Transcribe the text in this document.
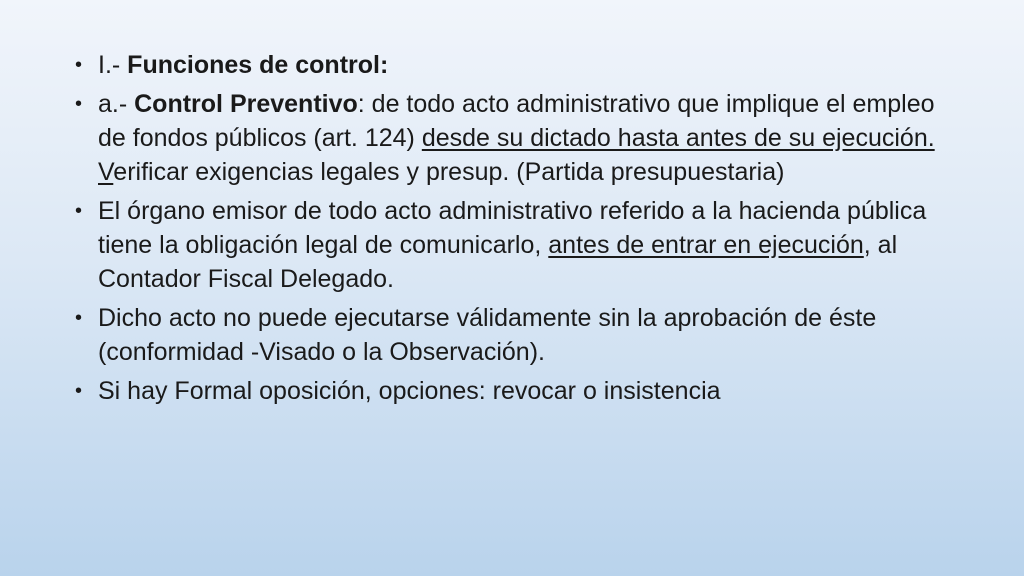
• I.- Funciones de control:
• a.- Control Preventivo: de todo acto administrativo que implique el empleo de fondos públicos (art. 124) desde su dictado hasta antes de su ejecución. Verificar exigencias legales y presup. (Partida presupuestaria)
• El órgano emisor de todo acto administrativo referido a la hacienda pública tiene la obligación legal de comunicarlo, antes de entrar en ejecución, al Contador Fiscal Delegado.
• Dicho acto no puede ejecutarse válidamente sin la aprobación de éste (conformidad -Visado o la Observación).
• Si hay Formal oposición, opciones: revocar o insistencia
